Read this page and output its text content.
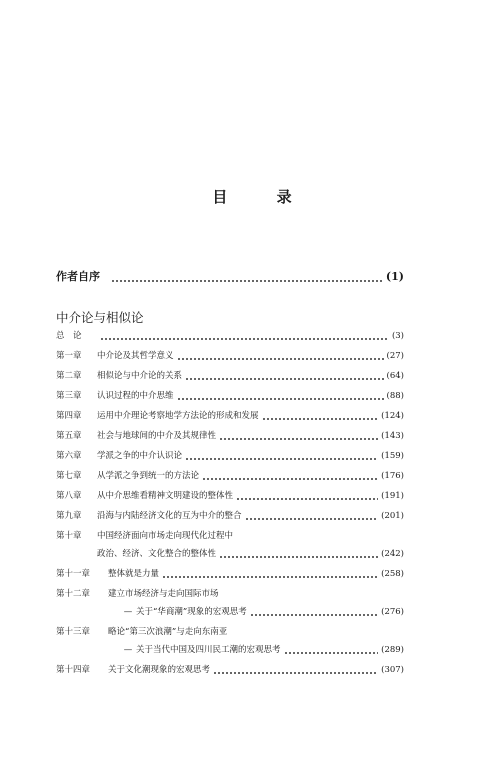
目 录
作者自序	(1)
中介论与相似论
总　论	(3)
第一章	中介论及其哲学意义	(27)
第二章	相似论与中介论的关系	(64)
第三章	认识过程的中介思维	(88)
第四章	运用中介理论考察地学方法论的形成和发展	(124)
第五章	社会与地球间的中介及其规律性	(143)
第六章	学派之争的中介认识论	(159)
第七章	从学派之争到统一的方法论	(176)
第八章	从中介思维看精神文明建设的整体性	(191)
第九章	沿海与内陆经济文化的互为中介的整合	(201)
第十章	中国经济面向市场走向现代化过程中
政治、经济、文化整合的整体性	(242)
第十一章	整体就是力量	(258)
第十二章	建立市场经济与走向国际市场
— 关于“华商潮”现象的宏观思考	(276)
第十三章	略论“第三次浪潮”与走向东南亚
— 关于当代中国及四川民工潮的宏观思考	(289)
第十四章	关于文化潮现象的宏观思考	(307)
